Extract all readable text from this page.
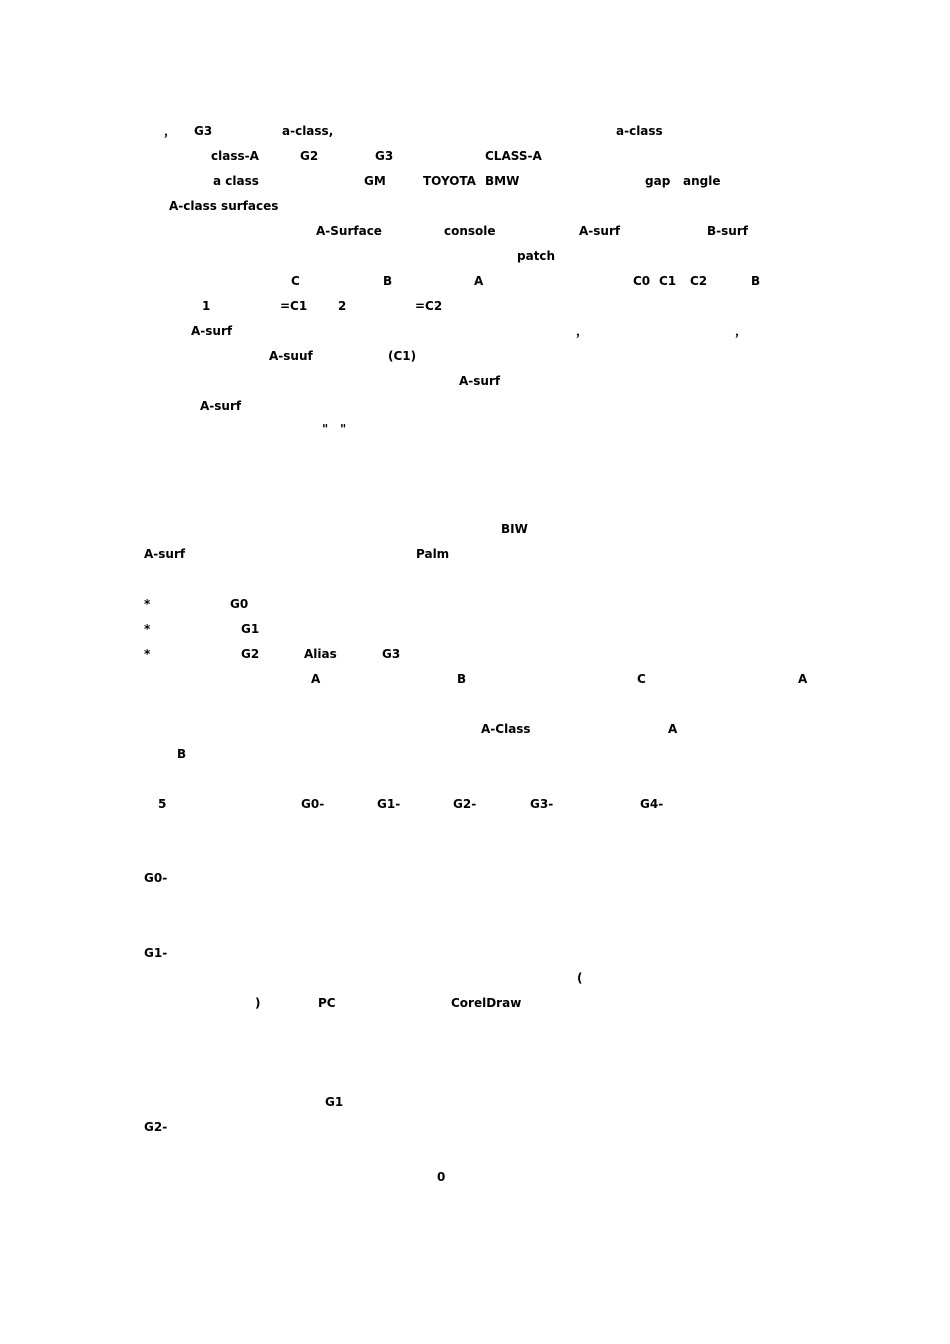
， G3	a-class,	a-class
class-A	G2	G3	CLASS-A
a class	GM	TOYOTA BMW	gap angle
A-class surfaces
A-Surface	console	A-surf	B-surf
patch
C	B	A	C0 C1 C2	B
1	=C1	2	=C2
A-surf	，	，
A-suuf	(C1)
A-surf
A-surf
" "
BIW
A-surf	Palm
*	G0
*	G1
*	G2	Alias	G3
A	B	C	A
A-Class	A
B
5	G0-	G1-	G2-	G3-	G4-
G0-
G1-
(
)	PC	CorelDraw
G1
G2-
0
